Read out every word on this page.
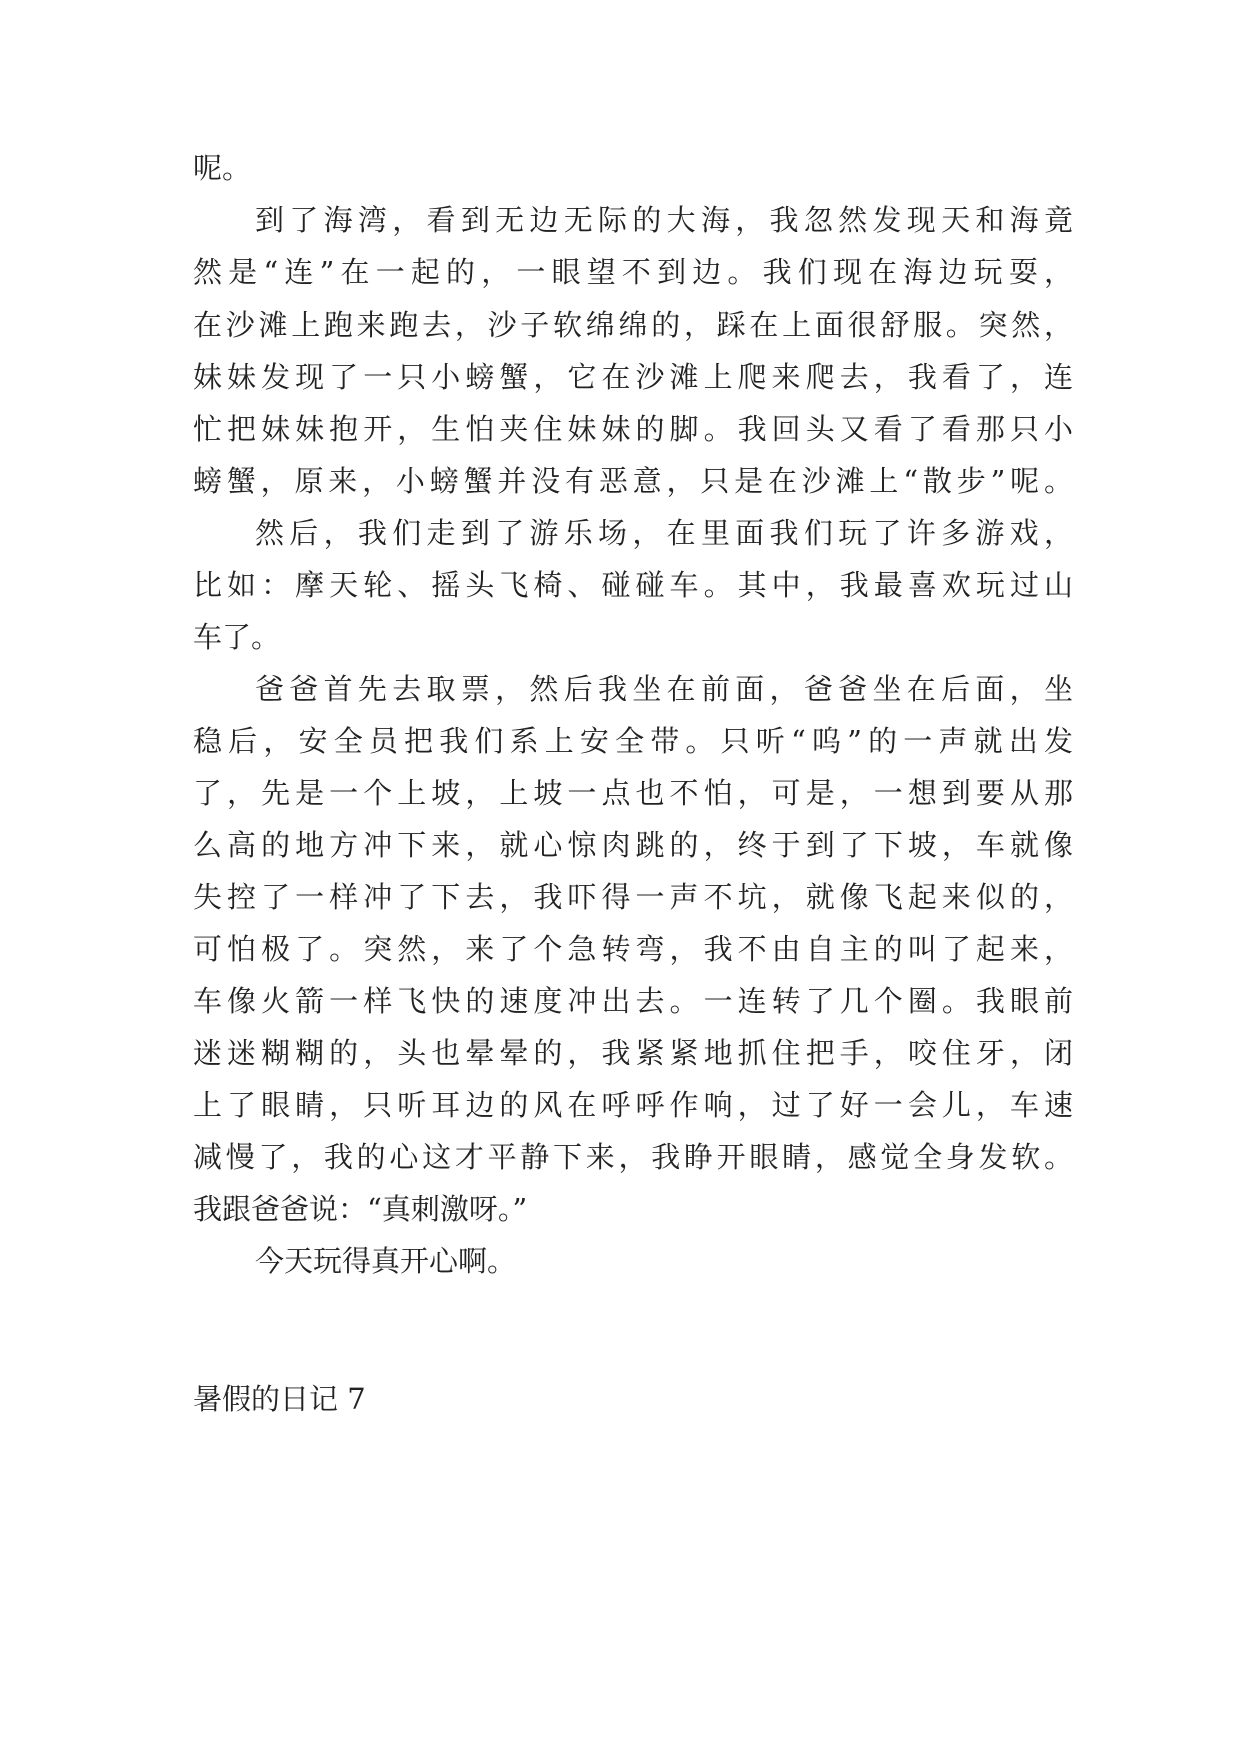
呢。
到了海湾，看到无边无际的大海，我忽然发现天和海竟
然是“连”在一起的，一眼望不到边。我们现在海边玩耍，
在沙滩上跑来跑去，沙子软绵绵的，踩在上面很舒服。突然，
妹妹发现了一只小螃蟹，它在沙滩上爬来爬去，我看了，连
忙把妹妹抱开，生怕夹住妹妹的脚。我回头又看了看那只小
螃蟹，原来，小螃蟹并没有恶意，只是在沙滩上“散步”呢。
然后，我们走到了游乐场，在里面我们玩了许多游戏，
比如：摩天轮、摇头飞椅、碰碰车。其中，我最喜欢玩过山
车了。
爸爸首先去取票，然后我坐在前面，爸爸坐在后面，坐
稳后，安全员把我们系上安全带。只听“呜”的一声就出发
了，先是一个上坡，上坡一点也不怕，可是，一想到要从那
么高的地方冲下来，就心惊肉跳的，终于到了下坡，车就像
失控了一样冲了下去，我吓得一声不坑，就像飞起来似的，
可怕极了。突然，来了个急转弯，我不由自主的叫了起来，
车像火箭一样飞快的速度冲出去。一连转了几个圈。我眼前
迷迷糊糊的，头也晕晕的，我紧紧地抓住把手，咬住牙，闭
上了眼睛，只听耳边的风在呼呼作响，过了好一会儿，车速
减慢了，我的心这才平静下来，我睁开眼睛，感觉全身发软。
我跟爸爸说：“真刺激呀。”
今天玩得真开心啊。
暑假的日记 7
